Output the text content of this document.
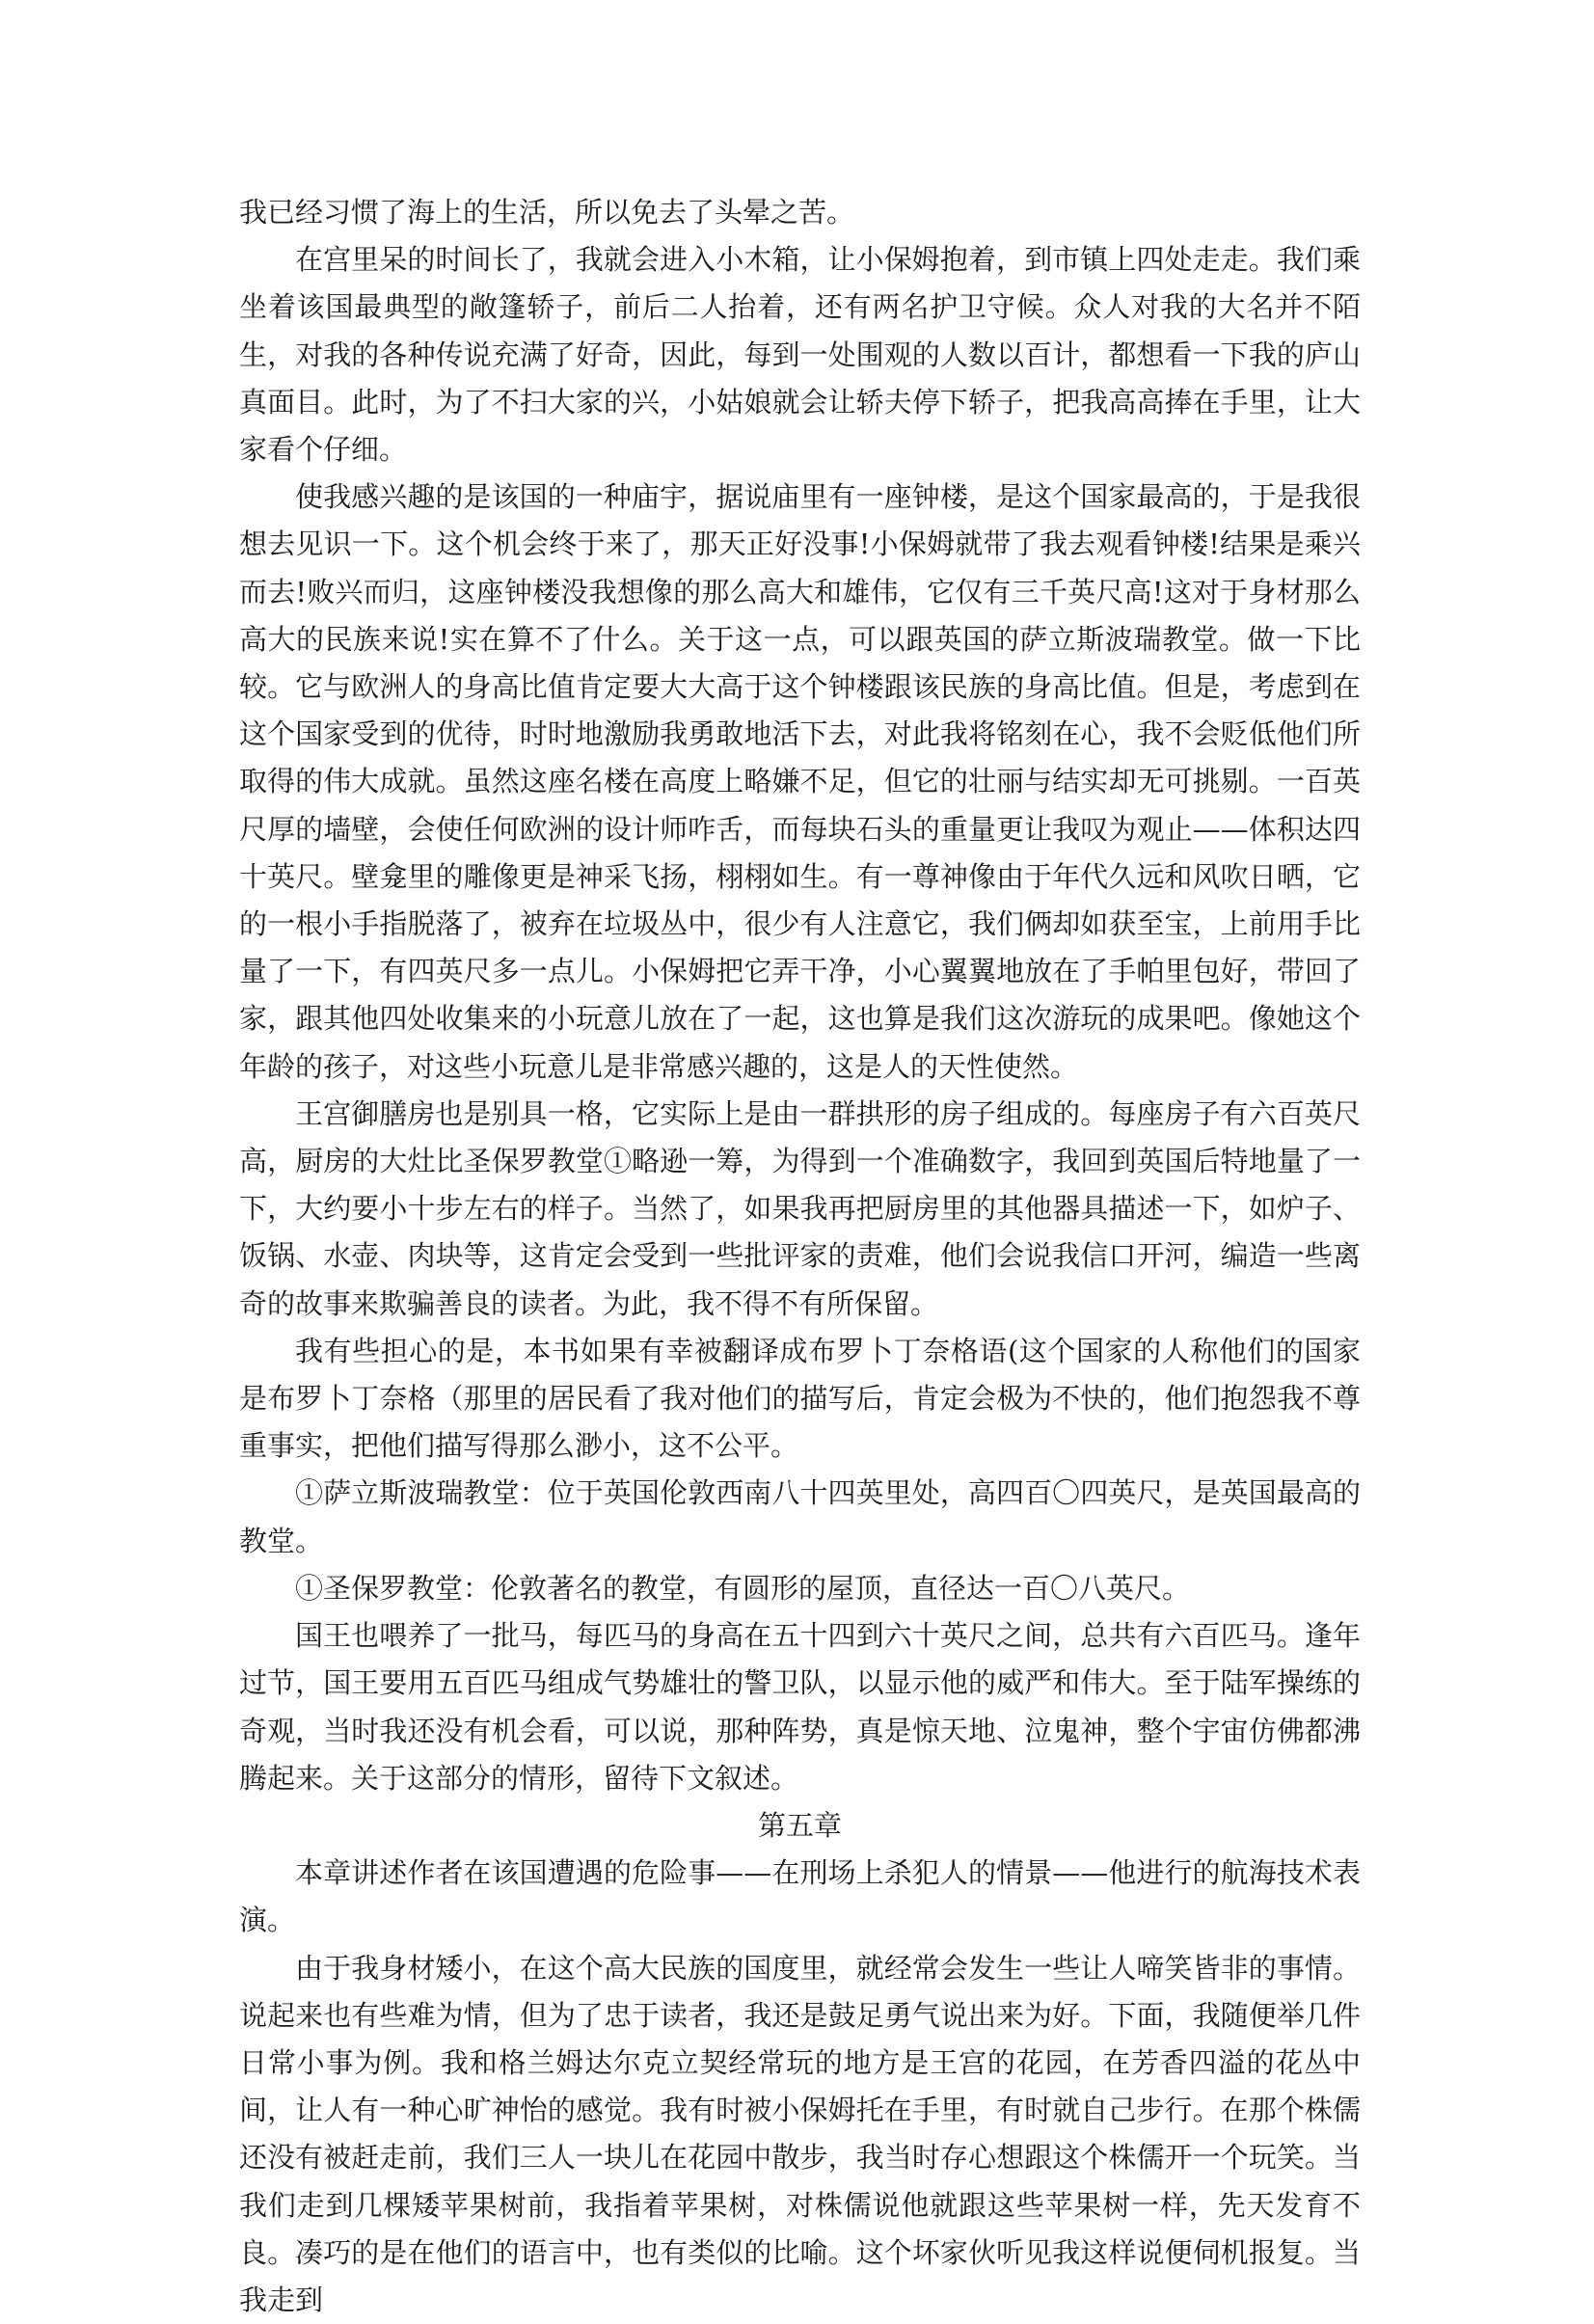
我已经习惯了海上的生活，所以免去了头晕之苦。

在宫里呆的时间长了，我就会进入小木箱，让小保姆抱着，到市镇上四处走走。我们乘坐着该国最典型的敞篷轿子，前后二人抬着，还有两名护卫守候。众人对我的大名并不陌生，对我的各种传说充满了好奇，因此，每到一处围观的人数以百计，都想看一下我的庐山真面目。此时，为了不扫大家的兴，小姑娘就会让轿夫停下轿子，把我高高捧在手里，让大家看个仔细。

使我感兴趣的是该国的一种庙宇，据说庙里有一座钟楼，是这个国家最高的，于是我很想去见识一下。这个机会终于来了，那天正好没事!小保姆就带了我去观看钟楼!结果是乘兴而去!败兴而归，这座钟楼没我想像的那么高大和雄伟，它仅有三千英尺高!这对于身材那么高大的民族来说!实在算不了什么。关于这一点，可以跟英国的萨立斯波瑞教堂。做一下比较。它与欧洲人的身高比值肯定要大大高于这个钟楼跟该民族的身高比值。但是，考虑到在这个国家受到的优待，时时地激励我勇敢地活下去，对此我将铭刻在心，我不会贬低他们所取得的伟大成就。虽然这座名楼在高度上略嫌不足，但它的壮丽与结实却无可挑剔。一百英尺厚的墙壁，会使任何欧洲的设计师咋舌，而每块石头的重量更让我叹为观止——体积达四十英尺。壁龛里的雕像更是神采飞扬，栩栩如生。有一尊神像由于年代久远和风吹日晒，它的一根小手指脱落了，被弃在垃圾丛中，很少有人注意它，我们俩却如获至宝，上前用手比量了一下，有四英尺多一点儿。小保姆把它弄干净，小心翼翼地放在了手帕里包好，带回了家，跟其他四处收集来的小玩意儿放在了一起，这也算是我们这次游玩的成果吧。像她这个年龄的孩子，对这些小玩意儿是非常感兴趣的，这是人的天性使然。

王宫御膳房也是别具一格，它实际上是由一群拱形的房子组成的。每座房子有六百英尺高，厨房的大灶比圣保罗教堂①略逊一筹，为得到一个准确数字，我回到英国后特地量了一下，大约要小十步左右的样子。当然了，如果我再把厨房里的其他器具描述一下，如炉子、饭锅、水壶、肉块等，这肯定会受到一些批评家的责难，他们会说我信口开河，编造一些离奇的故事来欺骗善良的读者。为此，我不得不有所保留。

我有些担心的是，本书如果有幸被翻译成布罗卜丁奈格语(这个国家的人称他们的国家是布罗卜丁奈格（那里的居民看了我对他们的描写后，肯定会极为不快的，他们抱怨我不尊重事实，把他们描写得那么渺小，这不公平。

①萨立斯波瑞教堂：位于英国伦敦西南八十四英里处，高四百〇四英尺，是英国最高的教堂。

①圣保罗教堂：伦敦著名的教堂，有圆形的屋顶，直径达一百〇八英尺。

国王也喂养了一批马，每匹马的身高在五十四到六十英尺之间，总共有六百匹马。逢年过节，国王要用五百匹马组成气势雄壮的警卫队，以显示他的威严和伟大。至于陆军操练的奇观，当时我还没有机会看，可以说，那种阵势，真是惊天地、泣鬼神，整个宇宙仿佛都沸腾起来。关于这部分的情形，留待下文叙述。

第五章

本章讲述作者在该国遭遇的危险事——在刑场上杀犯人的情景——他进行的航海技术表演。

由于我身材矮小，在这个高大民族的国度里，就经常会发生一些让人啼笑皆非的事情。说起来也有些难为情，但为了忠于读者，我还是鼓足勇气说出来为好。下面，我随便举几件日常小事为例。我和格兰姆达尔克立契经常玩的地方是王宫的花园，在芳香四溢的花丛中间，让人有一种心旷神怡的感觉。我有时被小保姆托在手里，有时就自己步行。在那个株儒还没有被赶走前，我们三人一块儿在花园中散步，我当时存心想跟这个株儒开一个玩笑。当我们走到几棵矮苹果树前，我指着苹果树，对株儒说他就跟这些苹果树一样，先天发育不良。凑巧的是在他们的语言中，也有类似的比喻。这个坏家伙听见我这样说便伺机报复。当我走到
